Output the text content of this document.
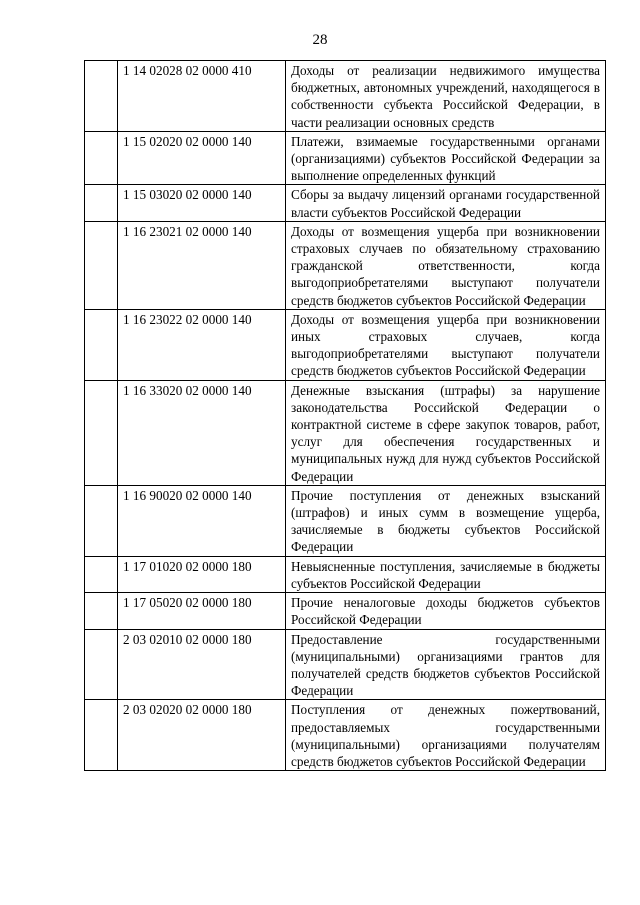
28
	1 14 02028 02 0000 410	Доходы от реализации недвижимого имущества бюджетных, автономных учреждений, находящегося в собственности субъекта Российской Федерации, в части реализации основных средств
	1 15 02020 02 0000 140	Платежи, взимаемые государственными органами (организациями) субъектов Российской Федерации за выполнение определенных функций
	1 15 03020 02 0000 140	Сборы за выдачу лицензий органами государственной власти субъектов Российской Федерации
	1 16 23021 02 0000 140	Доходы от возмещения ущерба при возникновении страховых случаев по обязательному страхованию гражданской ответственности, когда выгодоприобретателями выступают получатели средств бюджетов субъектов Российской Федерации
	1 16 23022 02 0000 140	Доходы от возмещения ущерба при возникновении иных страховых случаев, когда выгодоприобретателями выступают получатели средств бюджетов субъектов Российской Федерации
	1 16 33020 02 0000 140	Денежные взыскания (штрафы) за нарушение законодательства Российской Федерации о контрактной системе в сфере закупок товаров, работ, услуг для обеспечения государственных и муниципальных нужд для нужд субъектов Российской Федерации
	1 16 90020 02 0000 140	Прочие поступления от денежных взысканий (штрафов) и иных сумм в возмещение ущерба, зачисляемые в бюджеты субъектов Российской Федерации
	1 17 01020 02 0000 180	Невыясненные поступления, зачисляемые в бюджеты субъектов Российской Федерации
	1 17 05020 02 0000 180	Прочие неналоговые доходы бюджетов субъектов Российской Федерации
	2 03 02010 02 0000 180	Предоставление государственными (муниципальными) организациями грантов для получателей средств бюджетов субъектов Российской Федерации
	2 03 02020 02 0000 180	Поступления от денежных пожертвований, предоставляемых государственными (муниципальными) организациями получателям средств бюджетов субъектов Российской Федерации
